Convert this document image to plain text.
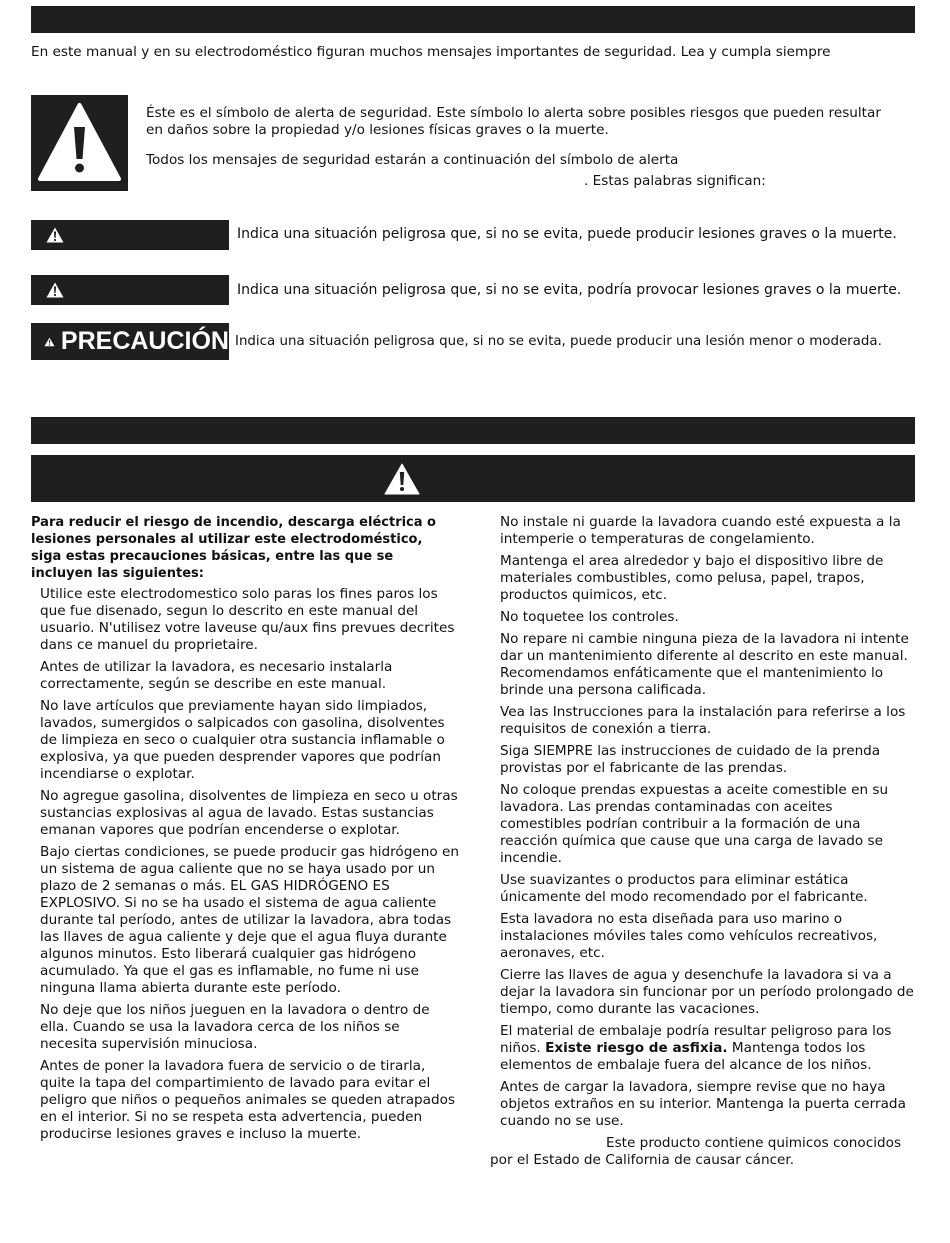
En este manual y en su electrodoméstico figuran muchos mensajes importantes de seguridad. Lea y cumpla siempre

Éste es el símbolo de alerta de seguridad. Este símbolo lo alerta sobre posibles riesgos que pueden resultar

en daños sobre la propiedad y/o lesiones físicas graves o la muerte.

Todos los mensajes de seguridad estarán a continuación del símbolo de alerta

. Estas palabras significan:

Indica una situación peligrosa que, si no se evita, puede producir lesiones graves o la muerte.
Indica una situación peligrosa que, si no se evita, podría provocar lesiones graves o la muerte.
PRECAUCIÓN Indica una situación peligrosa que, si no se evita, puede producir una lesión menor o moderada.
Para reducir el riesgo de incendio, descarga eléctrica o lesiones personales al utilizar este electrodoméstico, siga estas precauciones básicas, entre las que se incluyen las siguientes:

Utilice este electrodomestico solo paras los fines paros los que fue disenado, segun lo descrito en este manual del usuario. N'utilisez votre laveuse qu/aux fins prevues decrites dans ce manuel du proprietaire.

Antes de utilizar la lavadora, es necesario instalarla correctamente, según se describe en este manual.

No lave artículos que previamente hayan sido limpiados, lavados, sumergidos o salpicados con gasolina, disolventes de limpieza en seco o cualquier otra sustancia inflamable o explosiva, ya que pueden desprender vapores que podrían incendiarse o explotar.

No agregue gasolina, disolventes de limpieza en seco u otras sustancias explosivas al agua de lavado. Estas sustancias emanan vapores que podrían encenderse o explotar.

Bajo ciertas condiciones, se puede producir gas hidrógeno en un sistema de agua caliente que no se haya usado por un plazo de 2 semanas o más. EL GAS HIDRÓGENO ES EXPLOSIVO. Si no se ha usado el sistema de agua caliente durante tal período, antes de utilizar la lavadora, abra todas las llaves de agua caliente y deje que el agua fluya durante algunos minutos. Esto liberará cualquier gas hidrógeno acumulado. Ya que el gas es inflamable, no fume ni use ninguna llama abierta durante este período.

No deje que los niños jueguen en la lavadora o dentro de ella. Cuando se usa la lavadora cerca de los niños se necesita supervisión minuciosa.

Antes de poner la lavadora fuera de servicio o de tirarla, quite la tapa del compartimiento de lavado para evitar el peligro que niños o pequeños animales se queden atrapados en el interior. Si no se respeta esta advertencia, pueden producirse lesiones graves e incluso la muerte.

No instale ni guarde la lavadora cuando esté expuesta a la intemperie o temperaturas de congelamiento.

Mantenga el area alrededor y bajo el dispositivo libre de materiales combustibles, como pelusa, papel, trapos, productos quimicos, etc.

No toquetee los controles.

No repare ni cambie ninguna pieza de la lavadora ni intente dar un mantenimiento diferente al descrito en este manual. Recomendamos enfáticamente que el mantenimiento lo brinde una persona calificada.

Vea las Instrucciones para la instalación para referirse a los requisitos de conexión a tierra.

Siga SIEMPRE las instrucciones de cuidado de la prenda provistas por el fabricante de las prendas.

No coloque prendas expuestas a aceite comestible en su lavadora. Las prendas contaminadas con aceites comestibles podrían contribuir a la formación de una reacción química que cause que una carga de lavado se incendie.

Use suavizantes o productos para eliminar estática únicamente del modo recomendado por el fabricante.

Esta lavadora no esta diseñada para uso marino o instalaciones móviles tales como vehículos recreativos, aeronaves, etc.

Cierre las llaves de agua y desenchufe la lavadora si va a dejar la lavadora sin funcionar por un período prolongado de tiempo, como durante las vacaciones.

El material de embalaje podría resultar peligroso para los niños. Existe riesgo de asfixia. Mantenga todos los elementos de embalaje fuera del alcance de los niños.

Antes de cargar la lavadora, siempre revise que no haya objetos extraños en su interior. Mantenga la puerta cerrada cuando no se use.

Este producto contiene quimicos conocidos

por el Estado de California de causar cáncer.
